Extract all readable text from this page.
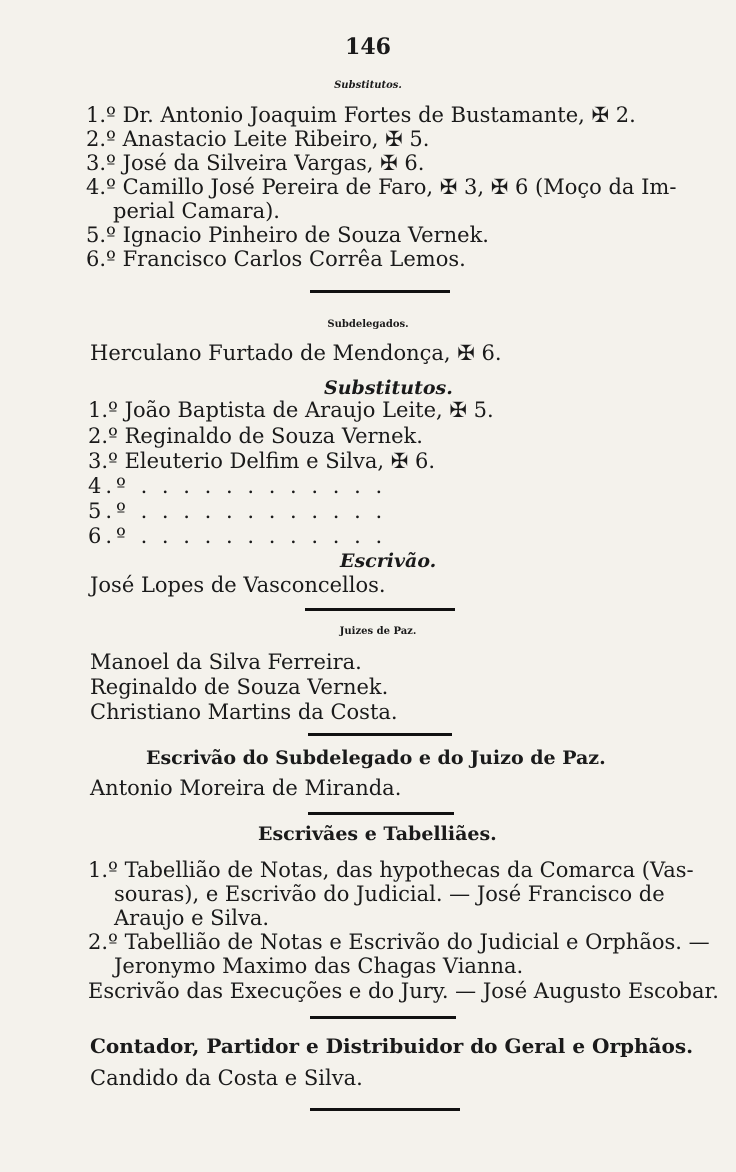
146
Substitutos.
1.º Dr. Antonio Joaquim Fortes de Bustamante, ✠ 2.
2.º Anastacio Leite Ribeiro, ✠ 5.
3.º José da Silveira Vargas, ✠ 6.
4.º Camillo José Pereira de Faro, ✠ 3, ✠ 6 (Moço da Im-
perial Camara).
5.º Ignacio Pinheiro de Souza Vernek.
6.º Francisco Carlos Corrêa Lemos.
Subdelegados.
Herculano Furtado de Mendonça, ✠ 6.
Substitutos.
1.º João Baptista de Araujo Leite, ✠ 5.
2.º Reginaldo de Souza Vernek.
3.º Eleuterio Delfim e Silva, ✠ 6.
4.º . . . . . . . . . . . .
5.º . . . . . . . . . . . .
6.º . . . . . . . . . . . .
Escrivão.
José Lopes de Vasconcellos.
Juizes de Paz.
Manoel da Silva Ferreira.
Reginaldo de Souza Vernek.
Christiano Martins da Costa.
Escrivão do Subdelegado e do Juizo de Paz.
Antonio Moreira de Miranda.
Escrivães e Tabelliães.
1.º Tabellião de Notas, das hypothecas da Comarca (Vas-
souras), e Escrivão do Judicial. — José Francisco de
Araujo e Silva.
2.º Tabellião de Notas e Escrivão do Judicial e Orphãos. —
Jeronymo Maximo das Chagas Vianna.
Escrivão das Execuções e do Jury. — José Augusto Escobar.
Contador, Partidor e Distribuidor do Geral e Orphãos.
Candido da Costa e Silva.
